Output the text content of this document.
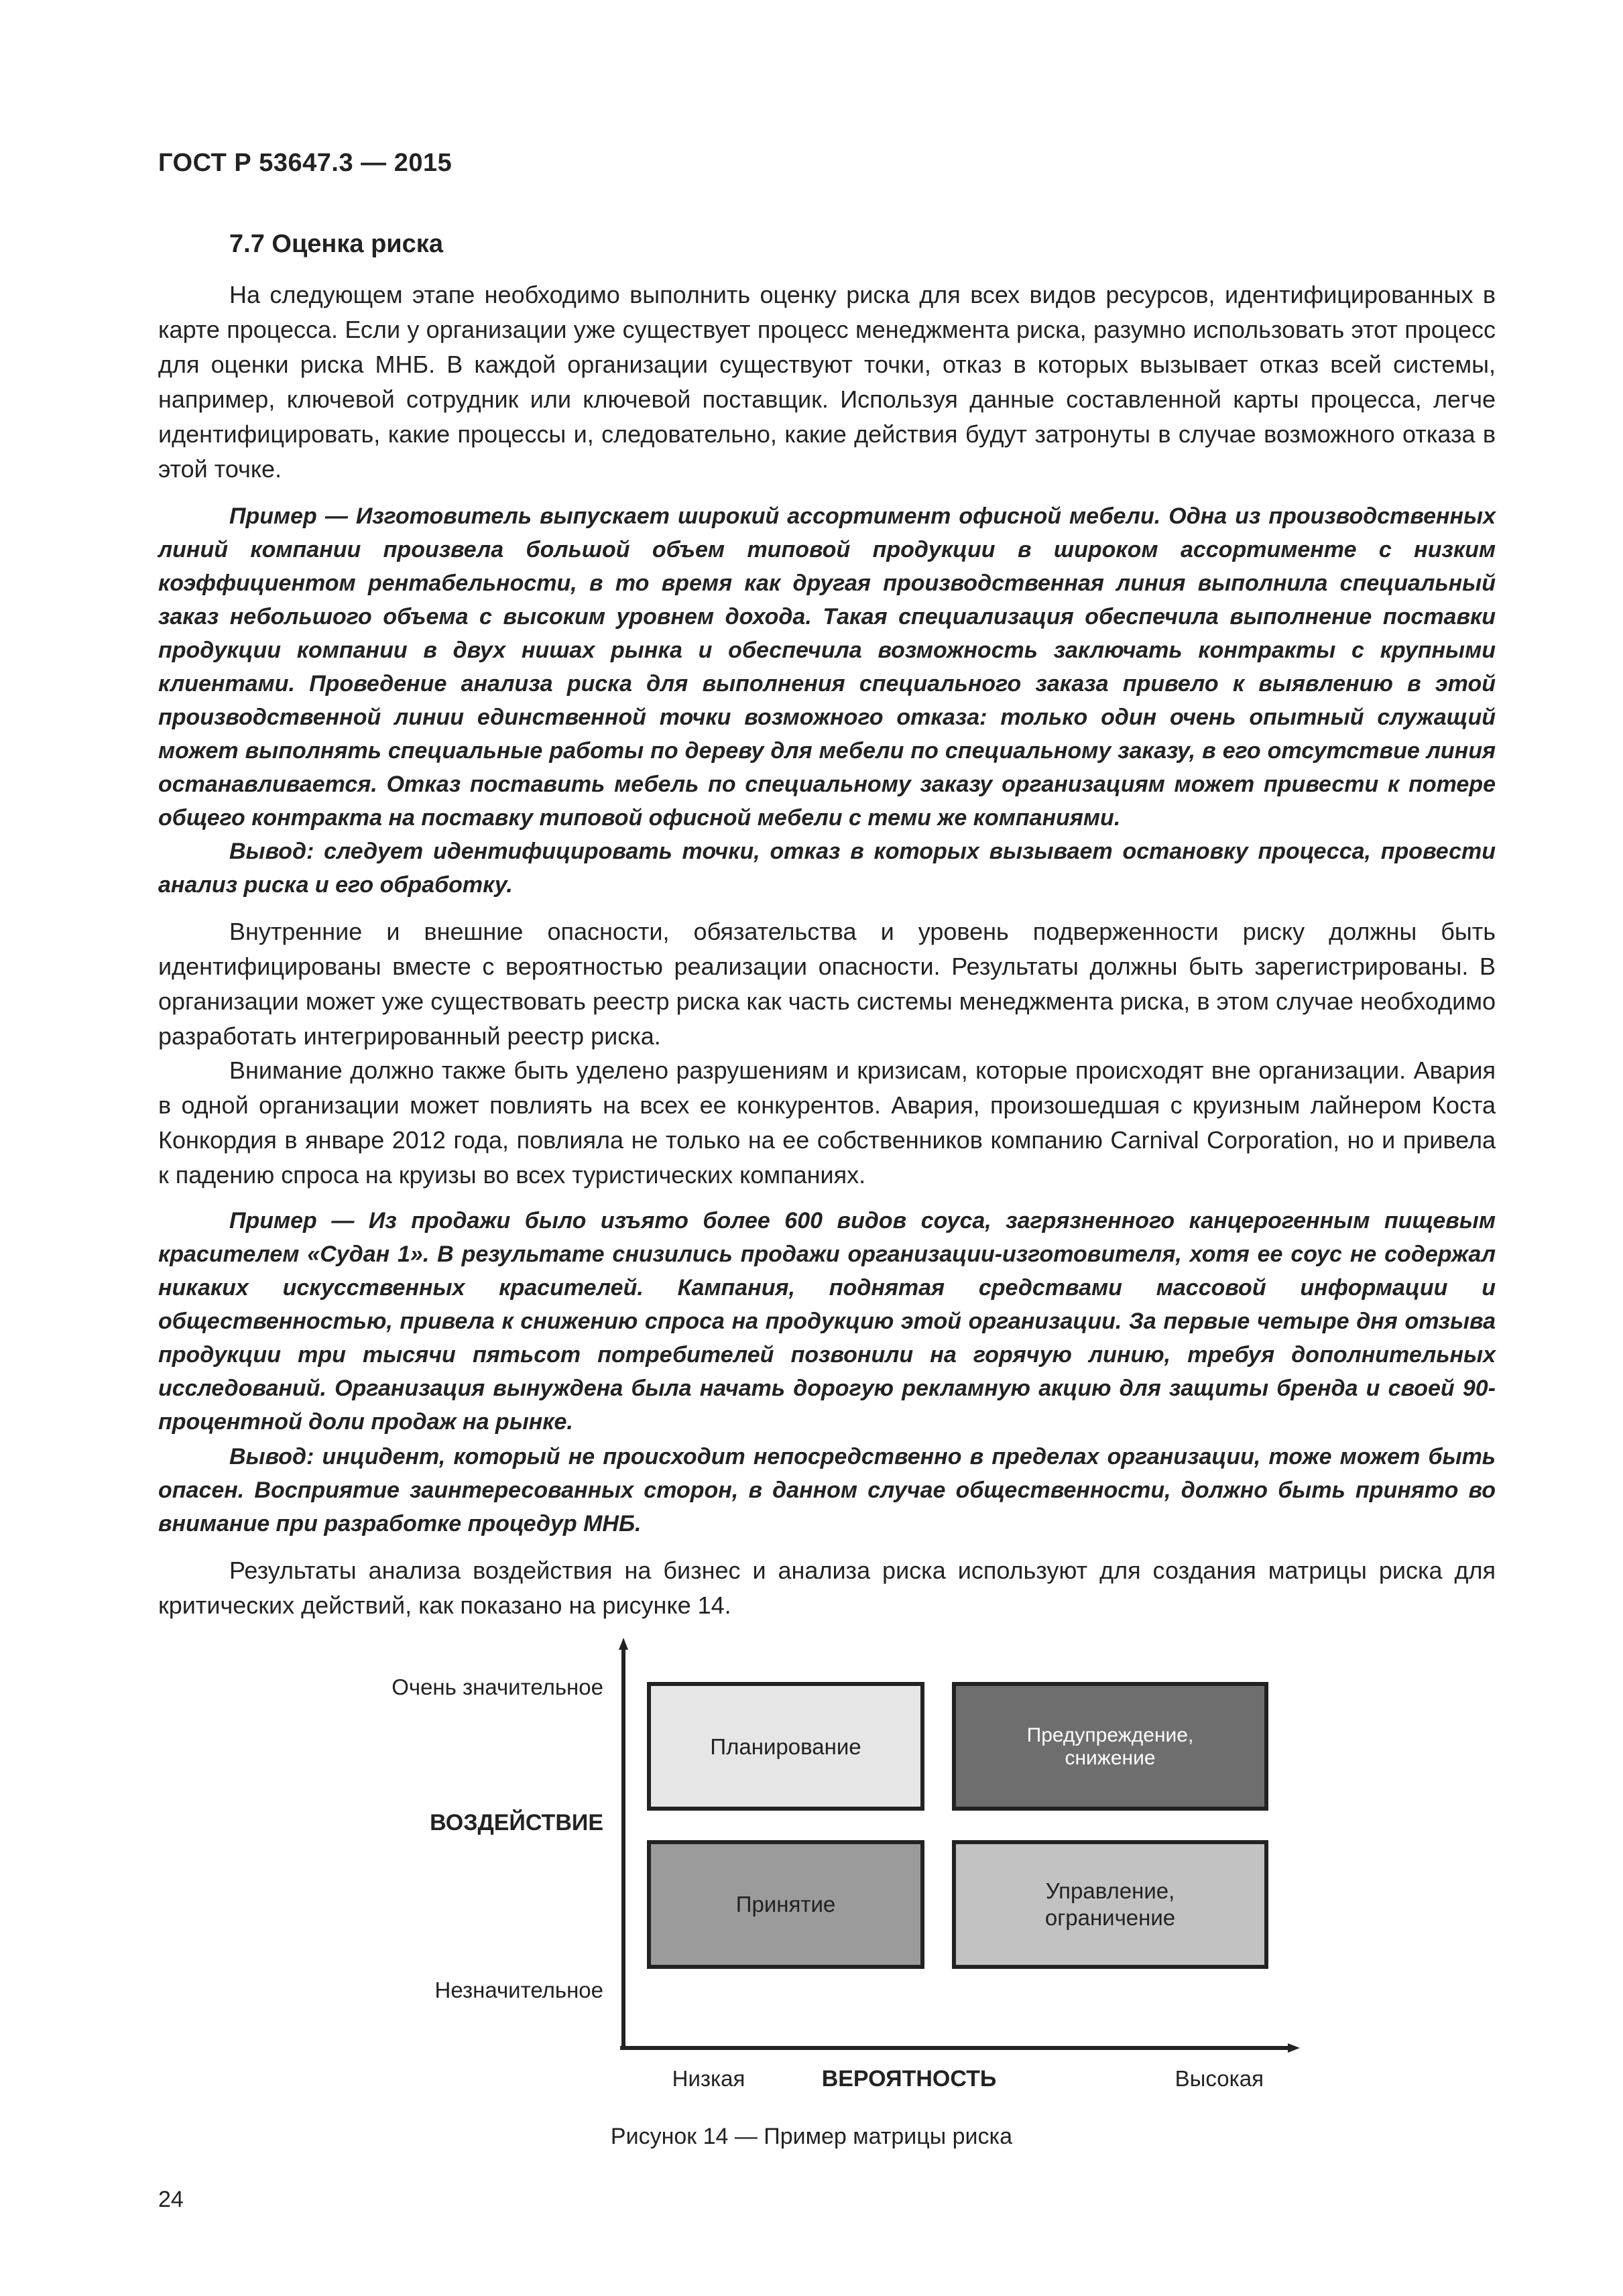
ГОСТ Р 53647.3 — 2015
7.7 Оценка риска

На следующем этапе необходимо выполнить оценку риска для всех видов ресурсов, идентифицированных в карте процесса. Если у организации уже существует процесс менеджмента риска, разумно использовать этот процесс для оценки риска МНБ. В каждой организации существуют точки, отказ в которых вызывает отказ всей системы, например, ключевой сотрудник или ключевой поставщик. Используя данные составленной карты процесса, легче идентифицировать, какие процессы и, следовательно, какие действия будут затронуты в случае возможного отказа в этой точке.

Пример — Изготовитель выпускает широкий ассортимент офисной мебели. Одна из производственных линий компании произвела большой объем типовой продукции в широком ассортименте с низким коэффициентом рентабельности, в то время как другая производственная линия выполнила специальный заказ небольшого объема с высоким уровнем дохода. Такая специализация обеспечила выполнение поставки продукции компании в двух нишах рынка и обеспечила возможность заключать контракты с крупными клиентами. Проведение анализа риска для выполнения специального заказа привело к выявлению в этой производственной линии единственной точки возможного отказа: только один очень опытный служащий может выполнять специальные работы по дереву для мебели по специальному заказу, в его отсутствие линия останавливается. Отказ поставить мебель по специальному заказу организациям может привести к потере общего контракта на поставку типовой офисной мебели с теми же компаниями.

Вывод: следует идентифицировать точки, отказ в которых вызывает остановку процесса, провести анализ риска и его обработку.

Внутренние и внешние опасности, обязательства и уровень подверженности риску должны быть идентифицированы вместе с вероятностью реализации опасности. Результаты должны быть зарегистрированы. В организации может уже существовать реестр риска как часть системы менеджмента риска, в этом случае необходимо разработать интегрированный реестр риска.

Внимание должно также быть уделено разрушениям и кризисам, которые происходят вне организации. Авария в одной организации может повлиять на всех ее конкурентов. Авария, произошедшая с круизным лайнером Коста Конкордия в январе 2012 года, повлияла не только на ее собственников компанию Carnival Corporation, но и привела к падению спроса на круизы во всех туристических компаниях.

Пример — Из продажи было изъято более 600 видов соуса, загрязненного канцерогенным пищевым красителем «Судан 1». В результате снизились продажи организации-изготовителя, хотя ее соус не содержал никаких искусственных красителей. Кампания, поднятая средствами массовой информации и общественностью, привела к снижению спроса на продукцию этой организации. За первые четыре дня отзыва продукции три тысячи пятьсот потребителей позвонили на горячую линию, требуя дополнительных исследований. Организация вынуждена была начать дорогую рекламную акцию для защиты бренда и своей 90-процентной доли продаж на рынке.

Вывод: инцидент, который не происходит непосредственно в пределах организации, тоже может быть опасен. Восприятие заинтересованных сторон, в данном случае общественности, должно быть принято во внимание при разработке процедур МНБ.

Результаты анализа воздействия на бизнес и анализа риска используют для создания матрицы риска для критических действий, как показано на рисунке 14.

Очень значительное
ВОЗДЕЙСТВИЕ
Незначительное
Планирование	Предупреждение,
снижение
Принятие
Управление,
ограничение
Низкая	ВЕРОЯТНОСТЬ	Высокая
Рисунок 14 — Пример матрицы риска
24
